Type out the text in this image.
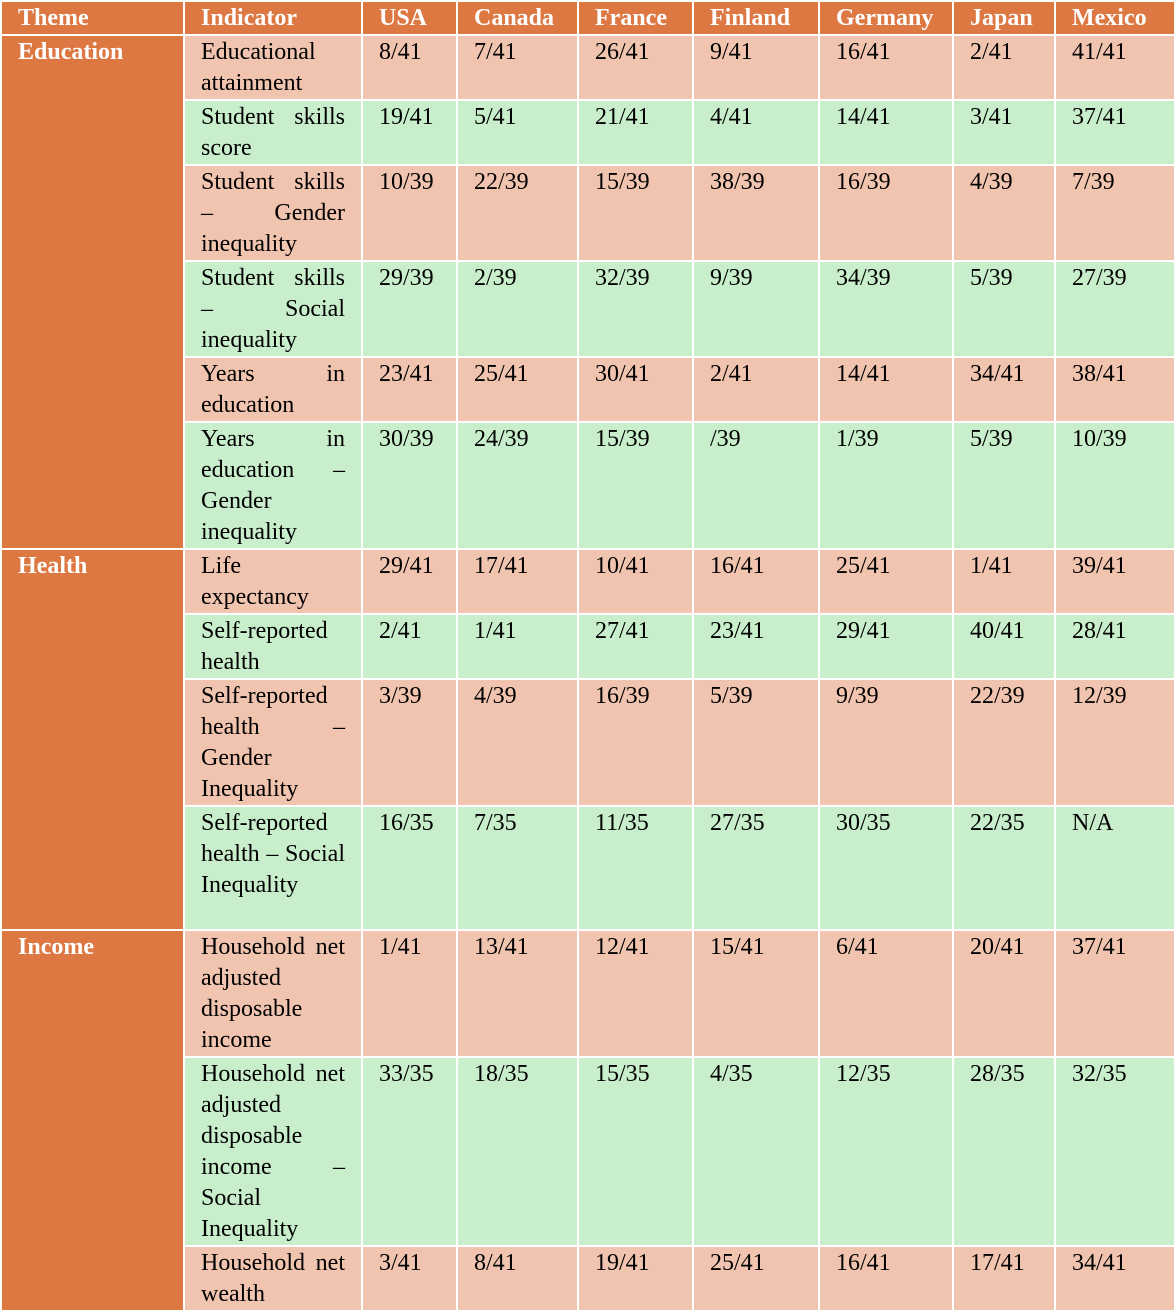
Theme	Indicator	USA	Canada	France	Finland	Germany	Japan	Mexico
Education	Educational attainment	8/41	7/41	26/41	9/41	16/41	2/41	41/41
	Student skills score	19/41	5/41	21/41	4/41	14/41	3/41	37/41
	Student skills – Gender inequality	10/39	22/39	15/39	38/39	16/39	4/39	7/39
	Student skills – Social inequality	29/39	2/39	32/39	9/39	34/39	5/39	27/39
	Years in education	23/41	25/41	30/41	2/41	14/41	34/41	38/41
	Years in education – Gender inequality	30/39	24/39	15/39	/39	1/39	5/39	10/39
Health	Life expectancy	29/41	17/41	10/41	16/41	25/41	1/41	39/41
	Self-reported health	2/41	1/41	27/41	23/41	29/41	40/41	28/41
	Self-reported health – Gender Inequality	3/39	4/39	16/39	5/39	9/39	22/39	12/39
	Self-reported health – Social Inequality	16/35	7/35	11/35	27/35	30/35	22/35	N/A
Income	Household net adjusted disposable income	1/41	13/41	12/41	15/41	6/41	20/41	37/41
	Household net adjusted disposable income – Social Inequality	33/35	18/35	15/35	4/35	12/35	28/35	32/35
	Household net wealth	3/41	8/41	19/41	25/41	16/41	17/41	34/41
